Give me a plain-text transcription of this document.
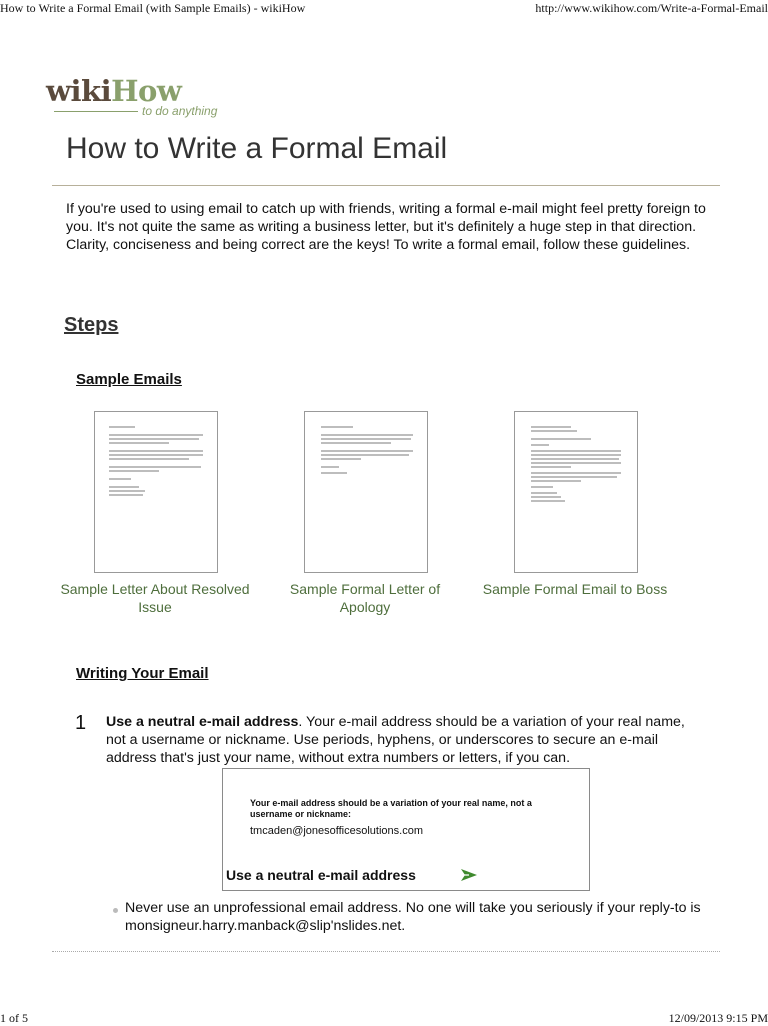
How to Write a Formal Email (with Sample Emails) - wikiHow	http://www.wikihow.com/Write-a-Formal-Email
wikiHow
to do anything
How to Write a Formal Email
If you're used to using email to catch up with friends, writing a formal e-mail might feel pretty foreign to you. It's not quite the same as writing a business letter, but it's definitely a huge step in that direction. Clarity, conciseness and being correct are the keys! To write a formal email, follow these guidelines.
Steps
Sample Emails
Sample Letter About Resolved Issue
Sample Formal Letter of Apology
Sample Formal Email to Boss
Writing Your Email
1 Use a neutral e-mail address. Your e-mail address should be a variation of your real name, not a username or nickname. Use periods, hyphens, or underscores to secure an e-mail address that's just your name, without extra numbers or letters, if you can.
Your e-mail address should be a variation of your real name, not a username or nickname:
tmcaden@jonesofficesolutions.com
Use a neutral e-mail address
Never use an unprofessional email address. No one will take you seriously if your reply-to is monsigneur.harry.manback@slip'nslides.net.
1 of 5	12/09/2013 9:15 PM
